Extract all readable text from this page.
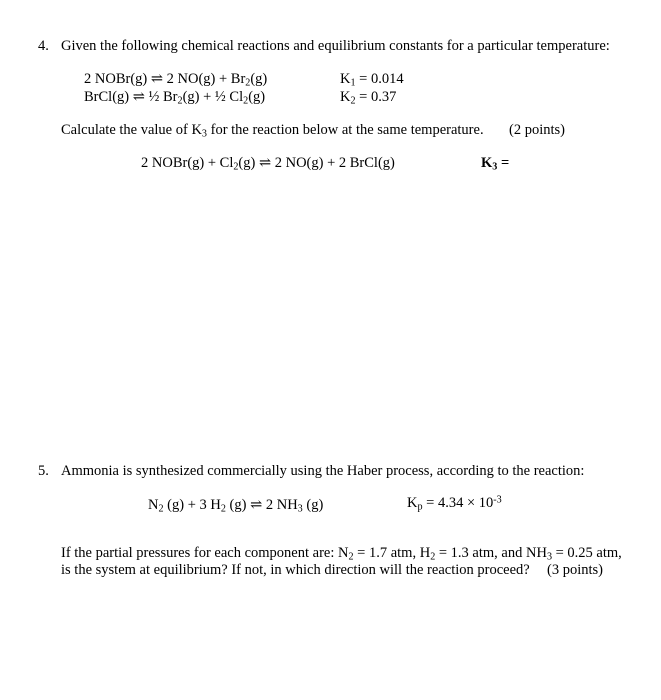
4. Given the following chemical reactions and equilibrium constants for a particular temperature:
2 NOBr(g) ⇌ 2 $NO(g) + Br_2(g)$	$K_1 = 0.014$
BrCl(g) ⇌ ½ $Br_2(g)$ + ½ $Cl_2(g)$	$K_2 = 0.37$
Calculate the value of $K_3$ for the reaction below at the same temperature. (2 points)
2 NOBr(g) + $Cl_2(g)$ ⇌ 2 NO(g) + 2 BrCl(g)	$K_3$ =
5. Ammonia is synthesized commercially using the Haber process, according to the reaction:
$N_2$ (g) + 3 $H_2$ (g) ⇌ 2 $NH_3$ (g)	$K_p = 4.34 \times 10^{-3}$
If the partial pressures for each component are: $N_2 = 1.7$ atm, $H_2 = 1.3$ atm, and $NH_3 = 0.25$ atm,
is the system at equilibrium? If not, in which direction will the reaction proceed? (3 points)
